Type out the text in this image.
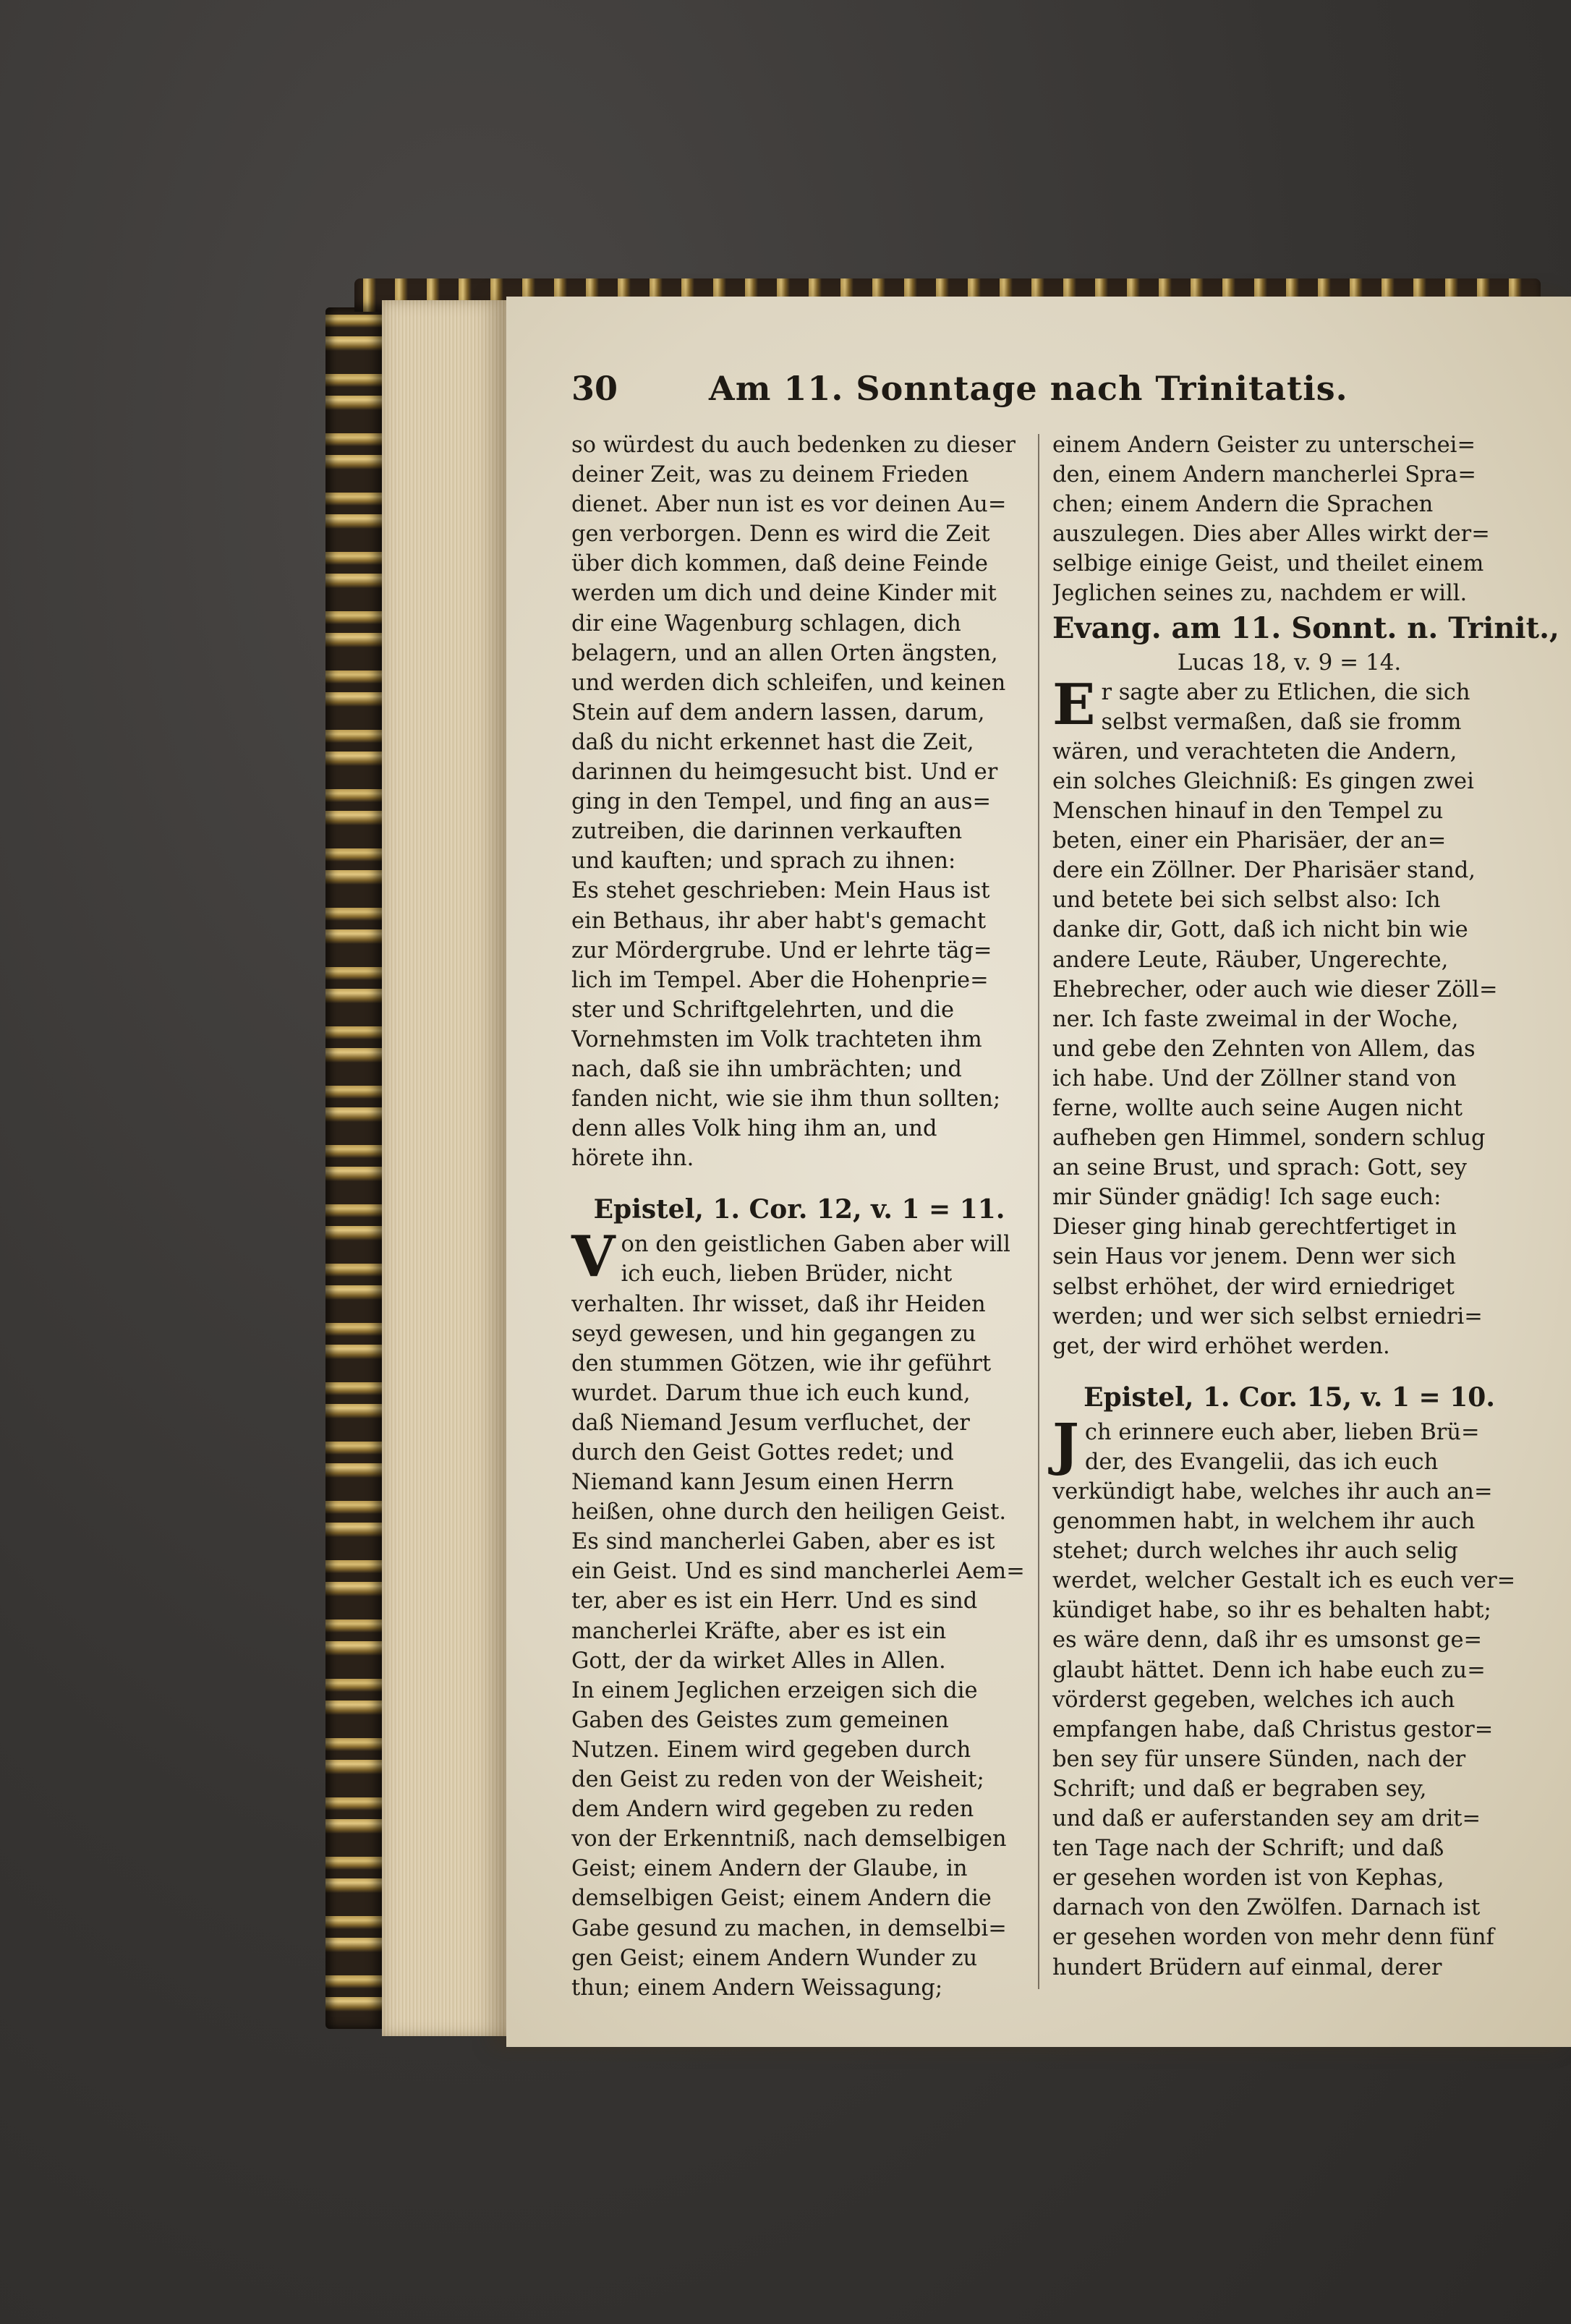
30	Am 11. Sonntage nach Trinitatis.
so würdest du auch bedenken zu dieser
deiner Zeit, was zu deinem Frieden
dienet. Aber nun ist es vor deinen Au=
gen verborgen. Denn es wird die Zeit
über dich kommen, daß deine Feinde
werden um dich und deine Kinder mit
dir eine Wagenburg schlagen, dich
belagern, und an allen Orten ängsten,
und werden dich schleifen, und keinen
Stein auf dem andern lassen, darum,
daß du nicht erkennet hast die Zeit,
darinnen du heimgesucht bist. Und er
ging in den Tempel, und fing an aus=
zutreiben, die darinnen verkauften
und kauften; und sprach zu ihnen:
Es stehet geschrieben: Mein Haus ist
ein Bethaus, ihr aber habt's gemacht
zur Mördergrube. Und er lehrte täg=
lich im Tempel. Aber die Hohenprie=
ster und Schriftgelehrten, und die
Vornehmsten im Volk trachteten ihm
nach, daß sie ihn umbrächten; und
fanden nicht, wie sie ihm thun sollten;
denn alles Volk hing ihm an, und
hörete ihn.
Epistel, 1. Cor. 12, v. 1 = 11.
V on den geistlichen Gaben aber will
ich euch, lieben Brüder, nicht
verhalten. Ihr wisset, daß ihr Heiden
seyd gewesen, und hin gegangen zu
den stummen Götzen, wie ihr geführt
wurdet. Darum thue ich euch kund,
daß Niemand Jesum verfluchet, der
durch den Geist Gottes redet; und
Niemand kann Jesum einen Herrn
heißen, ohne durch den heiligen Geist.
Es sind mancherlei Gaben, aber es ist
ein Geist. Und es sind mancherlei Aem=
ter, aber es ist ein Herr. Und es sind
mancherlei Kräfte, aber es ist ein
Gott, der da wirket Alles in Allen.
In einem Jeglichen erzeigen sich die
Gaben des Geistes zum gemeinen
Nutzen. Einem wird gegeben durch
den Geist zu reden von der Weisheit;
dem Andern wird gegeben zu reden
von der Erkenntniß, nach demselbigen
Geist; einem Andern der Glaube, in
demselbigen Geist; einem Andern die
Gabe gesund zu machen, in demselbi=
gen Geist; einem Andern Wunder zu
thun; einem Andern Weissagung;
einem Andern Geister zu unterschei=
den, einem Andern mancherlei Spra=
chen; einem Andern die Sprachen
auszulegen. Dies aber Alles wirkt der=
selbige einige Geist, und theilet einem
Jeglichen seines zu, nachdem er will.
Evang. am 11. Sonnt. n. Trinit.,
Lucas 18, v. 9 = 14.
E r sagte aber zu Etlichen, die sich
selbst vermaßen, daß sie fromm
wären, und verachteten die Andern,
ein solches Gleichniß: Es gingen zwei
Menschen hinauf in den Tempel zu
beten, einer ein Pharisäer, der an=
dere ein Zöllner. Der Pharisäer stand,
und betete bei sich selbst also: Ich
danke dir, Gott, daß ich nicht bin wie
andere Leute, Räuber, Ungerechte,
Ehebrecher, oder auch wie dieser Zöll=
ner. Ich faste zweimal in der Woche,
und gebe den Zehnten von Allem, das
ich habe. Und der Zöllner stand von
ferne, wollte auch seine Augen nicht
aufheben gen Himmel, sondern schlug
an seine Brust, und sprach: Gott, sey
mir Sünder gnädig! Ich sage euch:
Dieser ging hinab gerechtfertiget in
sein Haus vor jenem. Denn wer sich
selbst erhöhet, der wird erniedriget
werden; und wer sich selbst erniedri=
get, der wird erhöhet werden.
Epistel, 1. Cor. 15, v. 1 = 10.
J ch erinnere euch aber, lieben Brü=
der, des Evangelii, das ich euch
verkündigt habe, welches ihr auch an=
genommen habt, in welchem ihr auch
stehet; durch welches ihr auch selig
werdet, welcher Gestalt ich es euch ver=
kündiget habe, so ihr es behalten habt;
es wäre denn, daß ihr es umsonst ge=
glaubt hättet. Denn ich habe euch zu=
vörderst gegeben, welches ich auch
empfangen habe, daß Christus gestor=
ben sey für unsere Sünden, nach der
Schrift; und daß er begraben sey,
und daß er auferstanden sey am drit=
ten Tage nach der Schrift; und daß
er gesehen worden ist von Kephas,
darnach von den Zwölfen. Darnach ist
er gesehen worden von mehr denn fünf
hundert Brüdern auf einmal, derer
